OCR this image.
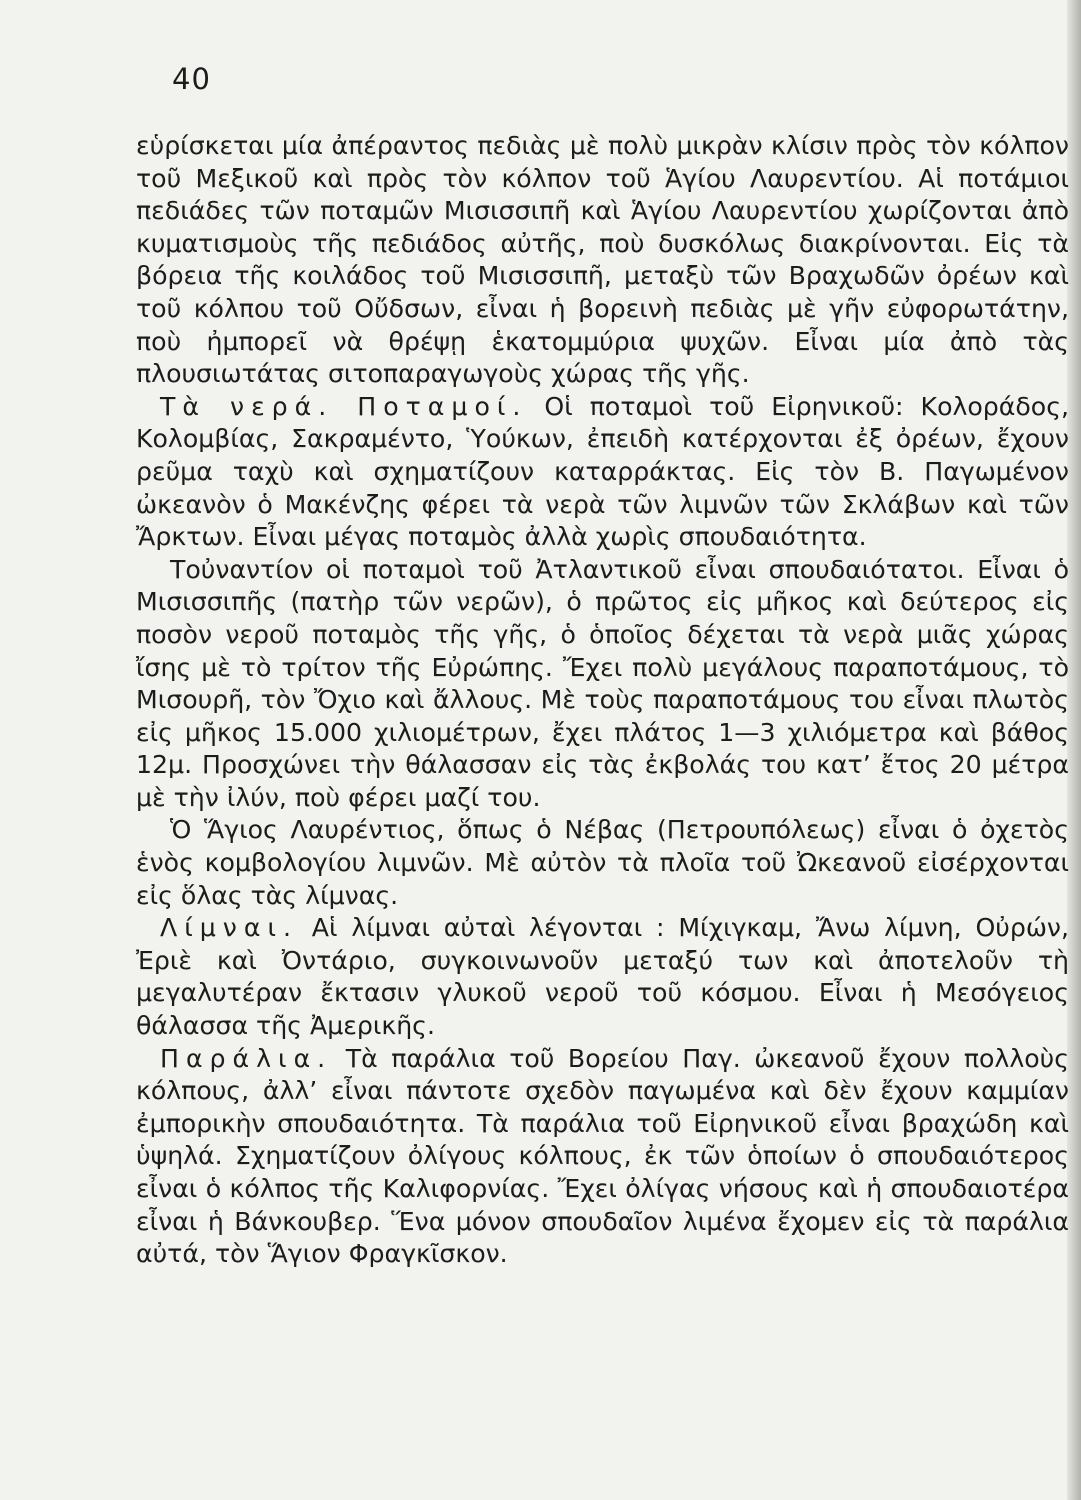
40

εὑρίσκεται μία ἀπέραντος πεδιὰς μὲ πολὺ μικρὰν κλίσιν πρὸς τὸν κόλπον τοῦ Μεξικοῦ καὶ πρὸς τὸν κόλπον τοῦ Ἁγίου Λαυρεντίου. Αἱ ποτάμιοι πεδιάδες τῶν ποταμῶν Μισισσιπῆ καὶ Ἁγίου Λαυρεντίου χωρίζονται ἀπὸ κυματισμοὺς τῆς πεδιάδος αὐτῆς, ποὺ δυσκόλως διακρίνονται. Εἰς τὰ βόρεια τῆς κοιλάδος τοῦ Μισισσιπῆ, μεταξὺ τῶν Βραχωδῶν ὀρέων καὶ τοῦ κόλπου τοῦ Οὔδσων, εἶναι ἡ βορεινὴ πεδιὰς μὲ γῆν εὐφορωτάτην, ποὺ ἠμπορεῖ νὰ θρέψῃ ἑκατομμύρια ψυχῶν. Εἶναι μία ἀπὸ τὰς πλουσιωτάτας σιτοπαραγωγοὺς χώρας τῆς γῆς.

Τὰ νερά. Ποταμοί. Οἱ ποταμοὶ τοῦ Εἰρηνικοῦ: Κολοράδος, Κολομβίας, Σακραμέντο, Ὑούκων, ἐπειδὴ κατέρχονται ἐξ ὀρέων, ἔχουν ρεῦμα ταχὺ καὶ σχηματίζουν καταρράκτας. Εἰς τὸν Β. Παγωμένον ὠκεανὸν ὁ Μακένζης φέρει τὰ νερὰ τῶν λιμνῶν τῶν Σκλάβων καὶ τῶν Ἄρκτων. Εἶναι μέγας ποταμὸς ἀλλὰ χωρὶς σπουδαιότητα.

Τοὐναντίον οἱ ποταμοὶ τοῦ Ἀτλαντικοῦ εἶναι σπουδαιότατοι. Εἶναι ὁ Μισισσιπῆς (πατὴρ τῶν νερῶν), ὁ πρῶτος εἰς μῆκος καὶ δεύτερος εἰς ποσὸν νεροῦ ποταμὸς τῆς γῆς, ὁ ὁποῖος δέχεται τὰ νερὰ μιᾶς χώρας ἴσης μὲ τὸ τρίτον τῆς Εὐρώπης. Ἔχει πολὺ μεγάλους παραποτάμους, τὸ Μισουρῆ, τὸν Ὄχιο καὶ ἄλλους. Μὲ τοὺς παραποτάμους του εἶναι πλωτὸς εἰς μῆκος 15.000 χιλιομέτρων, ἔχει πλάτος 1—3 χιλιόμετρα καὶ βάθος 12μ. Προσχώνει τὴν θάλασσαν εἰς τὰς ἐκβολάς του κατ’ ἔτος 20 μέτρα μὲ τὴν ἰλύν, ποὺ φέρει μαζί του.

Ὁ Ἅγιος Λαυρέντιος, ὅπως ὁ Νέβας (Πετρουπόλεως) εἶναι ὁ ὀχετὸς ἑνὸς κομβολογίου λιμνῶν. Μὲ αὐτὸν τὰ πλοῖα τοῦ Ὠκεανοῦ εἰσέρχονται εἰς ὅλας τὰς λίμνας.

Λίμναι. Αἱ λίμναι αὐταὶ λέγονται : Μίχιγκαμ, Ἄνω λίμνη, Οὐρών, Ἐριὲ καὶ Ὀντάριο, συγκοινωνοῦν μεταξύ των καὶ ἀποτελοῦν τὴ μεγαλυτέραν ἔκτασιν γλυκοῦ νεροῦ τοῦ κόσμου. Εἶναι ἡ Μεσόγειος θάλασσα τῆς Ἀμερικῆς.

Παράλια. Τὰ παράλια τοῦ Βορείου Παγ. ὠκεανοῦ ἔχουν πολλοὺς κόλπους, ἀλλ’ εἶναι πάντοτε σχεδὸν παγωμένα καὶ δὲν ἔχουν καμμίαν ἐμπορικὴν σπουδαιότητα. Τὰ παράλια τοῦ Εἰρηνικοῦ εἶναι βραχώδη καὶ ὑψηλά. Σχηματίζουν ὀλίγους κόλπους, ἐκ τῶν ὁποίων ὁ σπουδαιότερος εἶναι ὁ κόλπος τῆς Καλιφορνίας. Ἔχει ὀλίγας νήσους καὶ ἡ σπουδαιοτέρα εἶναι ἡ Βάνκουβερ. Ἕνα μόνον σπουδαῖον λιμένα ἔχομεν εἰς τὰ παράλια αὐτά, τὸν Ἅγιον Φραγκῖσκον.
